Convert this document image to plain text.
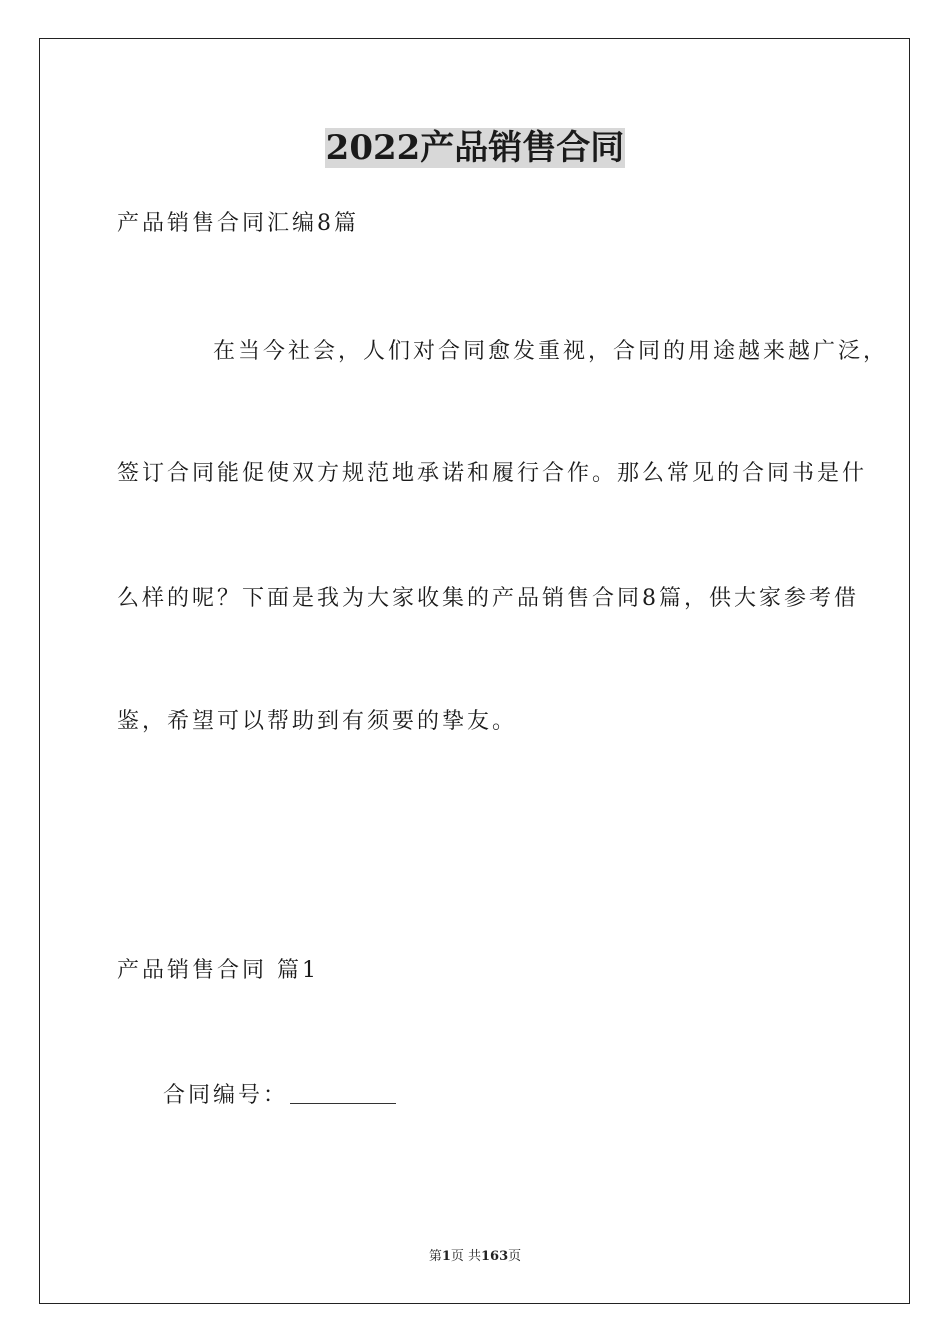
2022产品销售合同
产品销售合同汇编8篇
在当今社会，人们对合同愈发重视，合同的用途越来越广泛，
签订合同能促使双方规范地承诺和履行合作。那么常见的合同书是什
么样的呢？下面是我为大家收集的产品销售合同8篇，供大家参考借
鉴，希望可以帮助到有须要的挚友。
产品销售合同 篇1
合同编号：
第1页 共163页
